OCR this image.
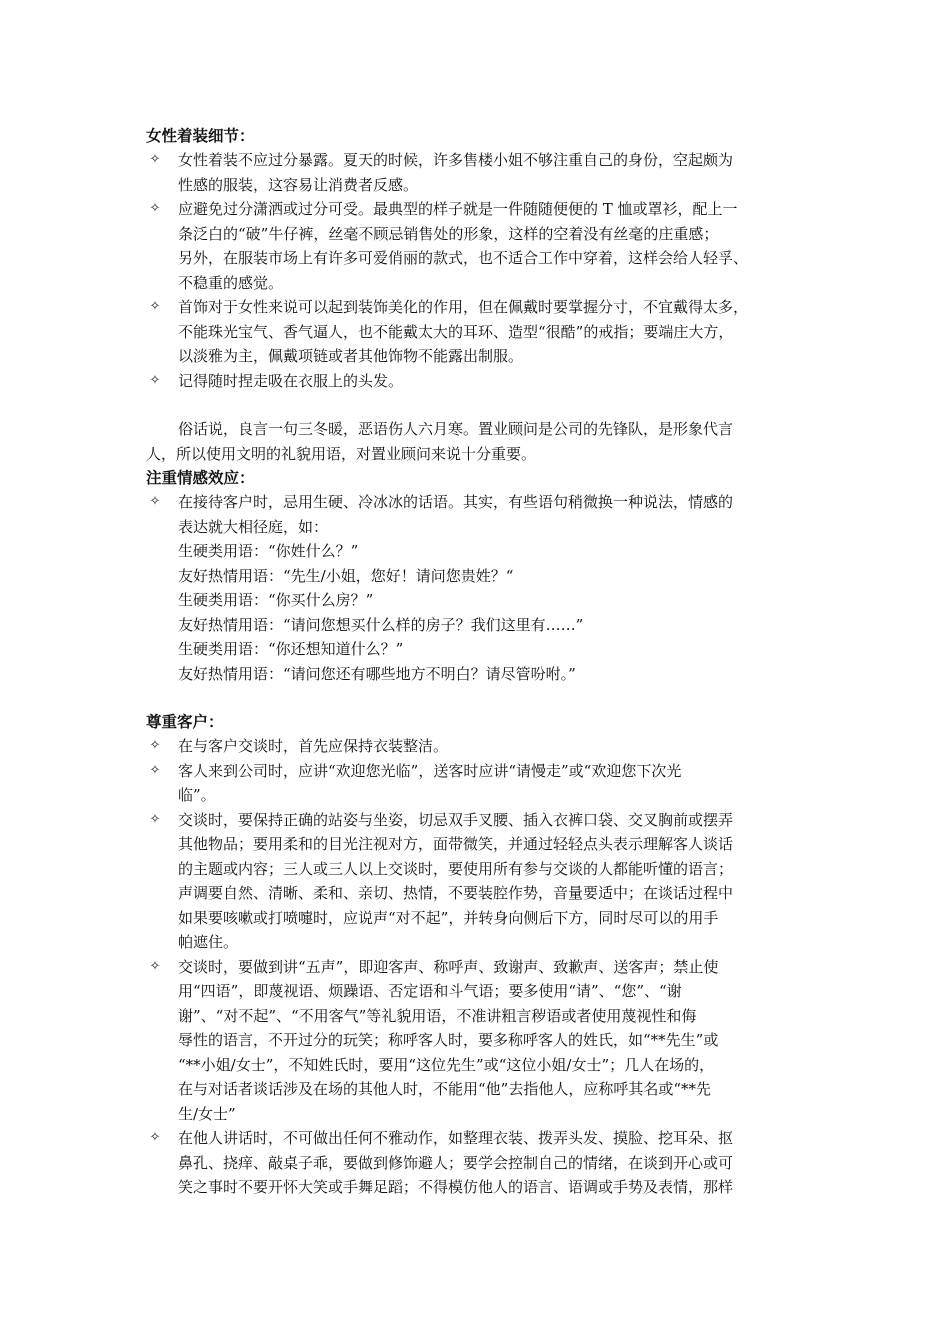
女性着装细节：
✧ 女性着装不应过分暴露。夏天的时候，许多售楼小姐不够注重自己的身份，空起颇为
性感的服装，这容易让消费者反感。
✧ 应避免过分潇洒或过分可受。最典型的样子就是一件随随便便的 T 恤或罩衫，配上一
条泛白的“破”牛仔裤，丝毫不顾忌销售处的形象，这样的空着没有丝毫的庄重感；
另外，在服装市场上有许多可爱俏丽的款式，也不适合工作中穿着，这样会给人轻孚、
不稳重的感觉。
✧ 首饰对于女性来说可以起到装饰美化的作用，但在佩戴时要掌握分寸，不宜戴得太多，
不能珠光宝气、香气逼人，也不能戴太大的耳环、造型“很酷”的戒指；要端庄大方，
以淡雅为主，佩戴项链或者其他饰物不能露出制服。
✧ 记得随时捏走吸在衣服上的头发。
俗话说，良言一句三冬暖，恶语伤人六月寒。置业顾问是公司的先锋队，是形象代言
人，所以使用文明的礼貌用语，对置业顾问来说十分重要。
注重情感效应：
✧ 在接待客户时，忌用生硬、冷冰冰的话语。其实，有些语句稍微换一种说法，情感的
表达就大相径庭，如：
生硬类用语：“你姓什么？”
友好热情用语：“先生/小姐，您好！请问您贵姓？“
生硬类用语：“你买什么房？”
友好热情用语：“请问您想买什么样的房子？我们这里有……”
生硬类用语：“你还想知道什么？”
友好热情用语：“请问您还有哪些地方不明白？请尽管吩咐。”
尊重客户：
✧ 在与客户交谈时，首先应保持衣装整洁。
✧ 客人来到公司时，应讲“欢迎您光临”，送客时应讲“请慢走”或“欢迎您下次光
临”。
✧ 交谈时，要保持正确的站姿与坐姿，切忌双手叉腰、插入衣裤口袋、交叉胸前或摆弄
其他物品；要用柔和的目光注视对方，面带微笑，并通过轻轻点头表示理解客人谈话
的主题或内容；三人或三人以上交谈时，要使用所有参与交谈的人都能听懂的语言；
声调要自然、清晰、柔和、亲切、热情，不要装腔作势，音量要适中；在谈话过程中
如果要咳嗽或打喷嚏时，应说声“对不起”，并转身向侧后下方，同时尽可以的用手
帕遮住。
✧ 交谈时，要做到讲“五声”，即迎客声、称呼声、致谢声、致歉声、送客声；禁止使
用“四语”，即蔑视语、烦躁语、否定语和斗气语；要多使用“请”、“您”、“谢
谢”、“对不起”、“不用客气”等礼貌用语，不准讲粗言秽语或者使用蔑视性和侮
辱性的语言，不开过分的玩笑；称呼客人时，要多称呼客人的姓氏，如“**先生”或
“**小姐/女士”，不知姓氏时，要用“这位先生”或“这位小姐/女士”；几人在场的，
在与对话者谈话涉及在场的其他人时，不能用“他”去指他人，应称呼其名或“**先
生/女士”
✧ 在他人讲话时，不可做出任何不雅动作，如整理衣装、拨弄头发、摸脸、挖耳朵、抠
鼻孔、挠痒、敲桌子乖，要做到修饰避人；要学会控制自己的情绪，在谈到开心或可
笑之事时不要开怀大笑或手舞足蹈；不得模仿他人的语言、语调或手势及表情，那样
